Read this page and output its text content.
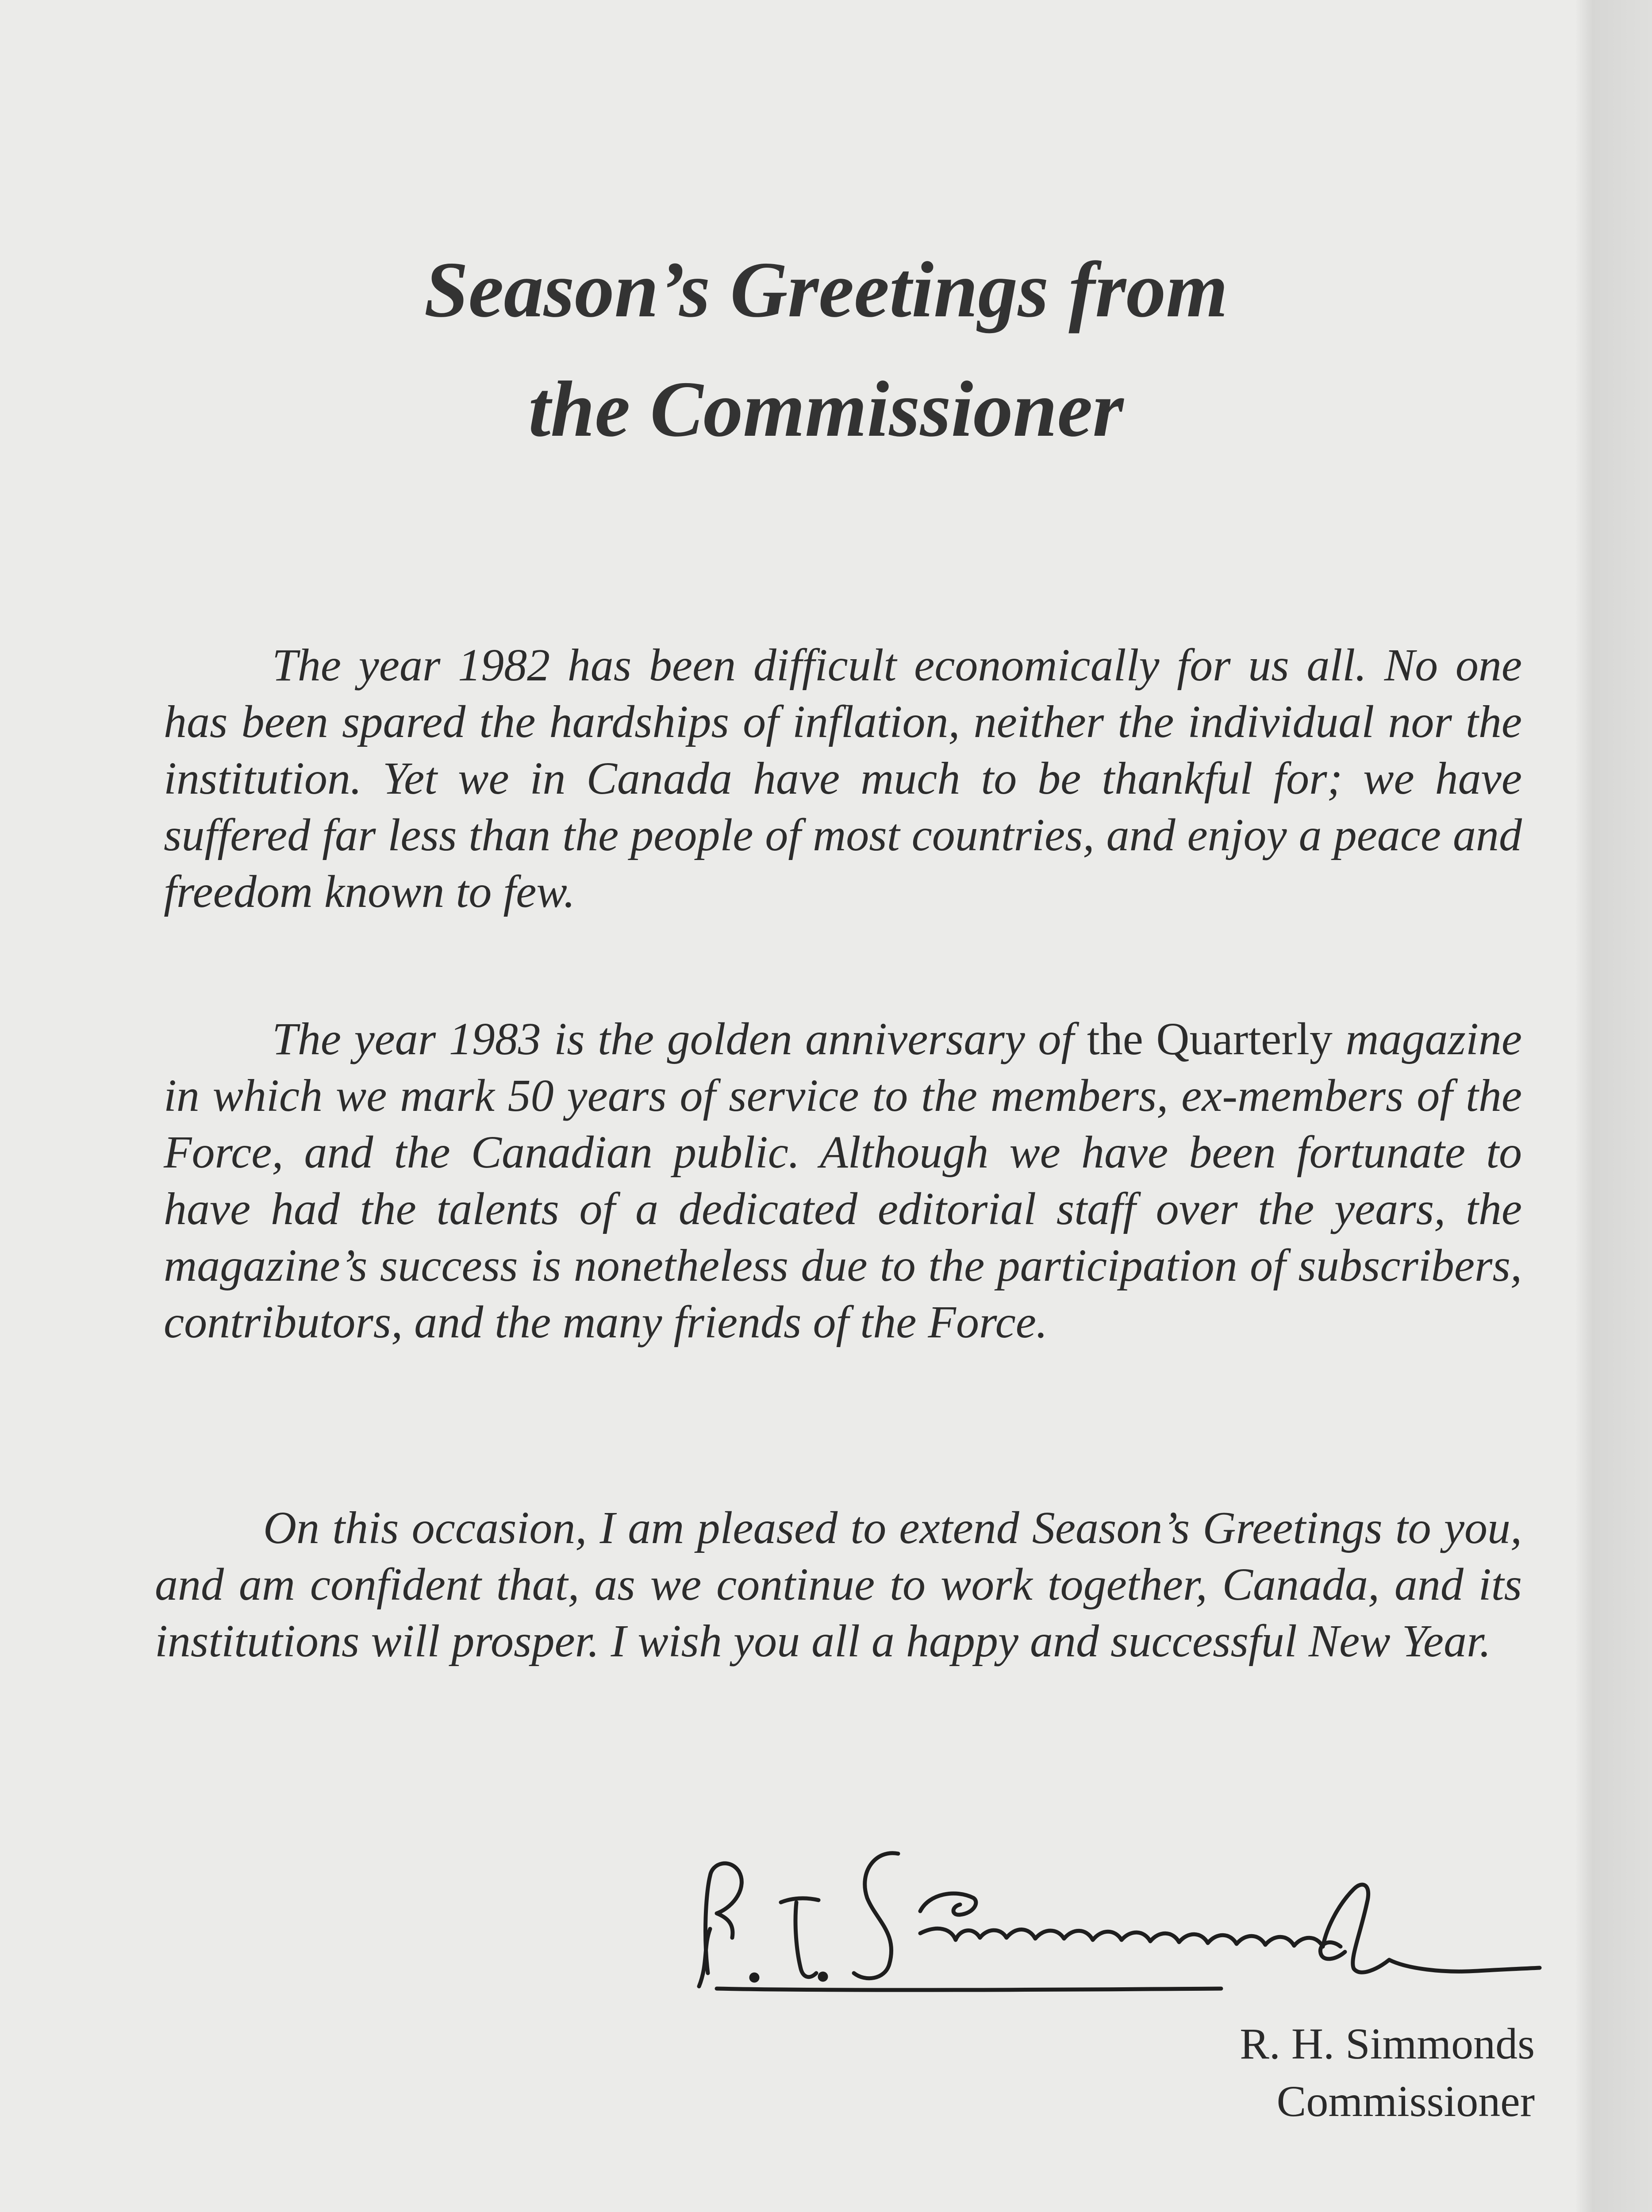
Season’s Greetings from
the Commissioner

The year 1982 has been difficult economically for us all. No one has been spared the hardships of inflation, neither the individual nor the institution. Yet we in Canada have much to be thankful for; we have suffered far less than the people of most countries, and enjoy a peace and freedom known to few.

The year 1983 is the golden anniversary of the Quarterly magazine in which we mark 50 years of service to the members, ex-members of the Force, and the Canadian public. Although we have been fortunate to have had the talents of a dedicated editorial staff over the years, the magazine’s success is nonetheless due to the participation of subscribers, contributors, and the many friends of the Force.

On this occasion, I am pleased to extend Season’s Greetings to you, and am confident that, as we continue to work together, Canada, and its institutions will prosper. I wish you all a happy and successful New Year.

R. H. Simmonds

Commissioner
